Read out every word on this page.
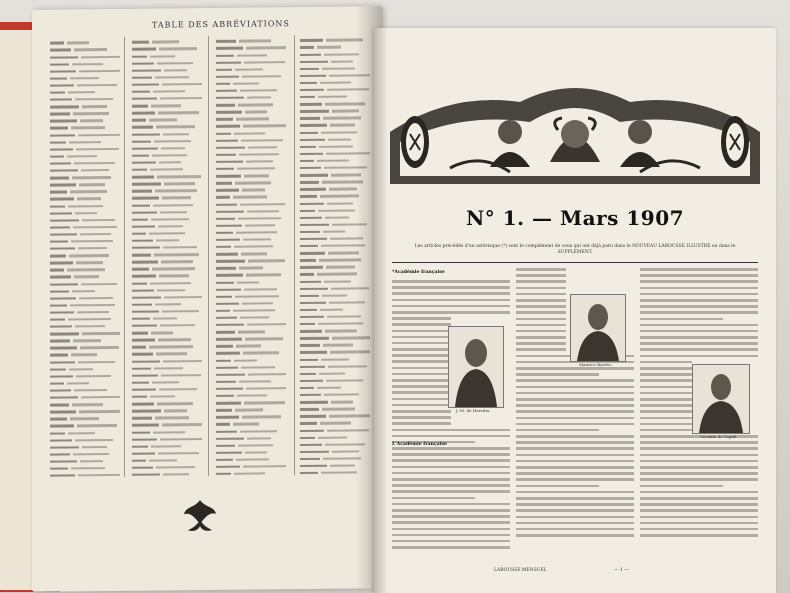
TABLE DES ABRÉVIATIONS
N° 1. — Mars 1907
Les articles précédés d'un astérisque (*) sont le complément de ceux qui ont déjà paru dans le NOUVEAU LAROUSSE ILLUSTRÉ ou dans le SUPPLÉMENT.
*Académie française
L'Académie française
J.-M. de Heredia.
Maurice Barrès.
Vicomte de Vogüé.
LAROUSSE MENSUEL	— 1 —
